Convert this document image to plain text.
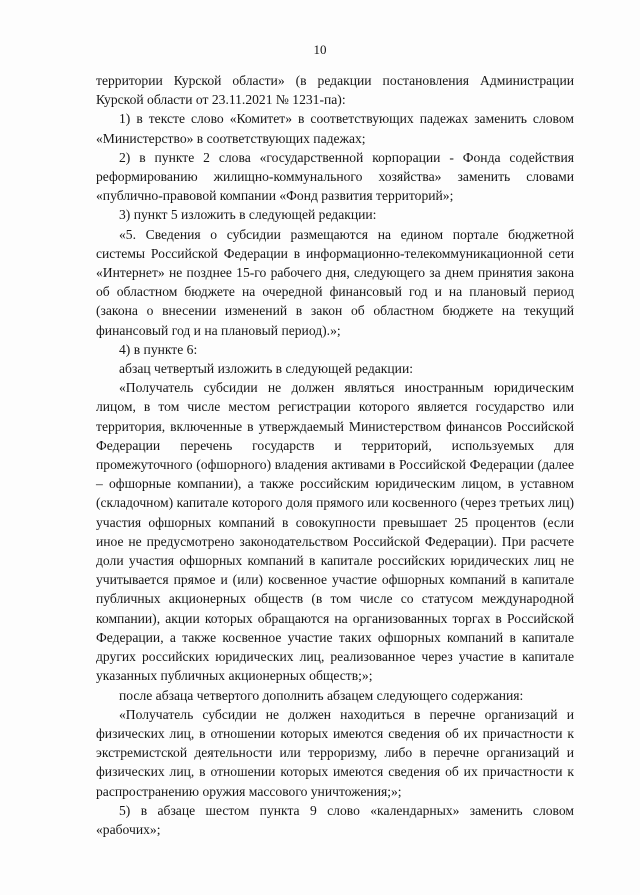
10

территории Курской области» (в редакции постановления Администрации Курской области от 23.11.2021 № 1231-па):

1) в тексте слово «Комитет» в соответствующих падежах заменить словом «Министерство» в соответствующих падежах;

2) в пункте 2 слова «государственной корпорации - Фонда содействия реформированию жилищно-коммунального хозяйства» заменить словами «публично-правовой компании «Фонд развития территорий»;

3) пункт 5 изложить в следующей редакции:

«5. Сведения о субсидии размещаются на едином портале бюджетной системы Российской Федерации в информационно-телекоммуникационной сети «Интернет» не позднее 15-го рабочего дня, следующего за днем принятия закона об областном бюджете на очередной финансовый год и на плановый период (закона о внесении изменений в закон об областном бюджете на текущий финансовый год и на плановый период).»;

4) в пункте 6:

абзац четвертый изложить в следующей редакции:

«Получатель субсидии не должен являться иностранным юридическим лицом, в том числе местом регистрации которого является государство или территория, включенные в утверждаемый Министерством финансов Российской Федерации перечень государств и территорий, используемых для промежуточного (офшорного) владения активами в Российской Федерации (далее – офшорные компании), а также российским юридическим лицом, в уставном (складочном) капитале которого доля прямого или косвенного (через третьих лиц) участия офшорных компаний в совокупности превышает 25 процентов (если иное не предусмотрено законодательством Российской Федерации). При расчете доли участия офшорных компаний в капитале российских юридических лиц не учитывается прямое и (или) косвенное участие офшорных компаний в капитале публичных акционерных обществ (в том числе со статусом международной компании), акции которых обращаются на организованных торгах в Российской Федерации, а также косвенное участие таких офшорных компаний в капитале других российских юридических лиц, реализованное через участие в капитале указанных публичных акционерных обществ;»;

после абзаца четвертого дополнить абзацем следующего содержания:

«Получатель субсидии не должен находиться в перечне организаций и физических лиц, в отношении которых имеются сведения об их причастности к экстремистской деятельности или терроризму, либо в перечне организаций и физических лиц, в отношении которых имеются сведения об их причастности к распространению оружия массового уничтожения;»;

5) в абзаце шестом пункта 9 слово «календарных» заменить словом «рабочих»;
